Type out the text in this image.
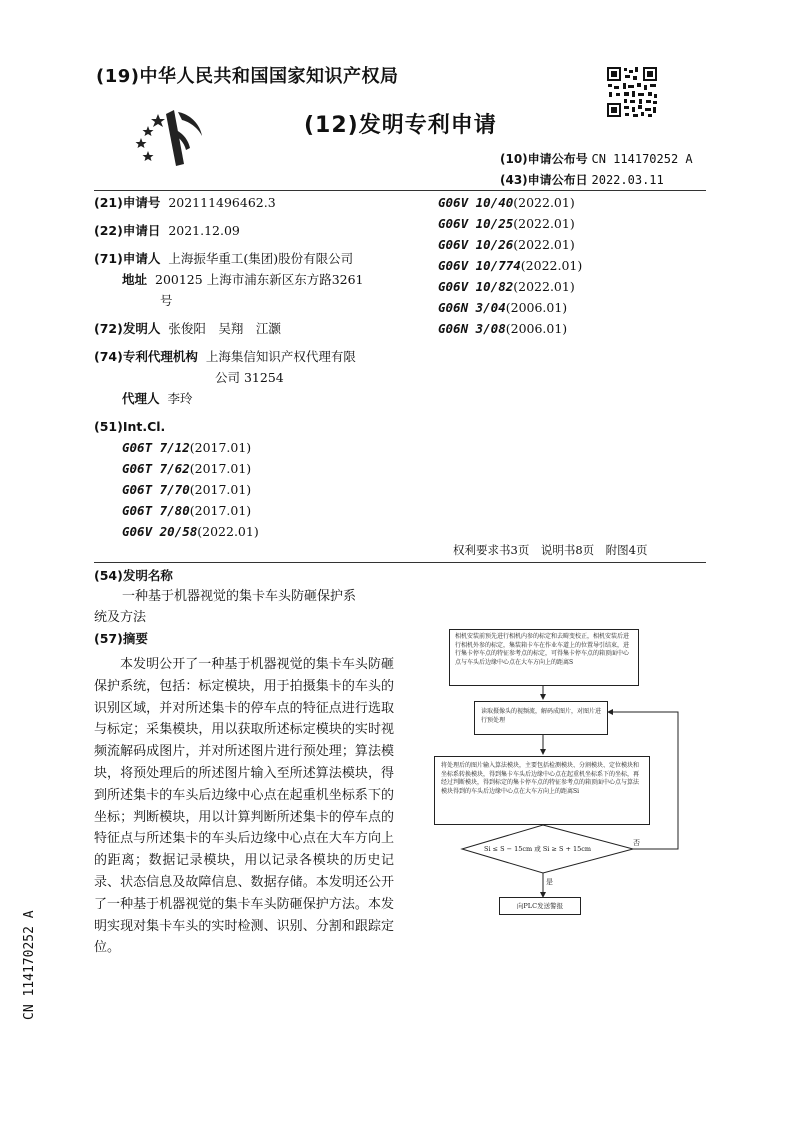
(19)中华人民共和国国家知识产权局
(12)发明专利申请
(10)申请公布号 CN 114170252 A
(43)申请公布日 2022.03.11
(21)申请号 202111496462.3
(22)申请日 2021.12.09
(71)申请人 上海振华重工(集团)股份有限公司
地址 200125 上海市浦东新区东方路3261
号
(72)发明人 张俊阳　吴翔　江灏
(74)专利代理机构 上海集信知识产权代理有限
公司 31254
代理人 李玲
(51)Int.Cl.
G06T 7/12(2017.01)
G06T 7/62(2017.01)
G06T 7/70(2017.01)
G06T 7/80(2017.01)
G06V 20/58(2022.01)
G06V 10/40(2022.01)
G06V 10/25(2022.01)
G06V 10/26(2022.01)
G06V 10/774(2022.01)
G06V 10/82(2022.01)
G06N 3/04(2006.01)
G06N 3/08(2006.01)
权利要求书3页　说明书8页　附图4页
(54)发明名称
一种基于机器视觉的集卡车头防砸保护系
统及方法
(57)摘要
本发明公开了一种基于机器视觉的集卡车头防砸保护系统，包括：标定模块，用于拍摄集卡的车头的识别区域，并对所述集卡的停车点的特征点进行选取与标定；采集模块，用以获取所述标定模块的实时视频流解码成图片，并对所述图片进行预处理；算法模块，将预处理后的所述图片输入至所述算法模块，得到所述集卡的车头后边缘中心点在起重机坐标系下的坐标；判断模块，用以计算判断所述集卡的停车点的特征点与所述集卡的车头后边缘中心点在大车方向上的距离；数据记录模块，用以记录各模块的历史记录、状态信息及故障信息、数据存储。本发明还公开了一种基于机器视觉的集卡车头防砸保护方法。本发明实现对集卡车头的实时检测、识别、分割和跟踪定位。
CN 114170252 A
相机安装前预先进行相机内参的标定和去畸变校正，相机安装后进行相机外参的标定，集装箱卡车在作业车道上的位置导引结束，进行集卡停车点的特征参考点的标定，可得集卡停车点的箱顶面中心点与车头后边缘中心点在大车方向上的距离S
读取摄像头的视频流，解码成图片，对图片进行预处理
将处理后的图片输入算法模块，主要包括检测模块、分割模块、定位模块和坐标系转换模块，得到集卡车头后边缘中心点在起重机坐标系下的坐标，再经过判断模块，得到标定的集卡停车点的特征参考点的箱顶面中心点与算法模块得到的车头后边缘中心点在大车方向上的距离Si
Si ≤ S − 15cm 或 Si ≥ S + 15cm
否
是
向PLC发送警报
